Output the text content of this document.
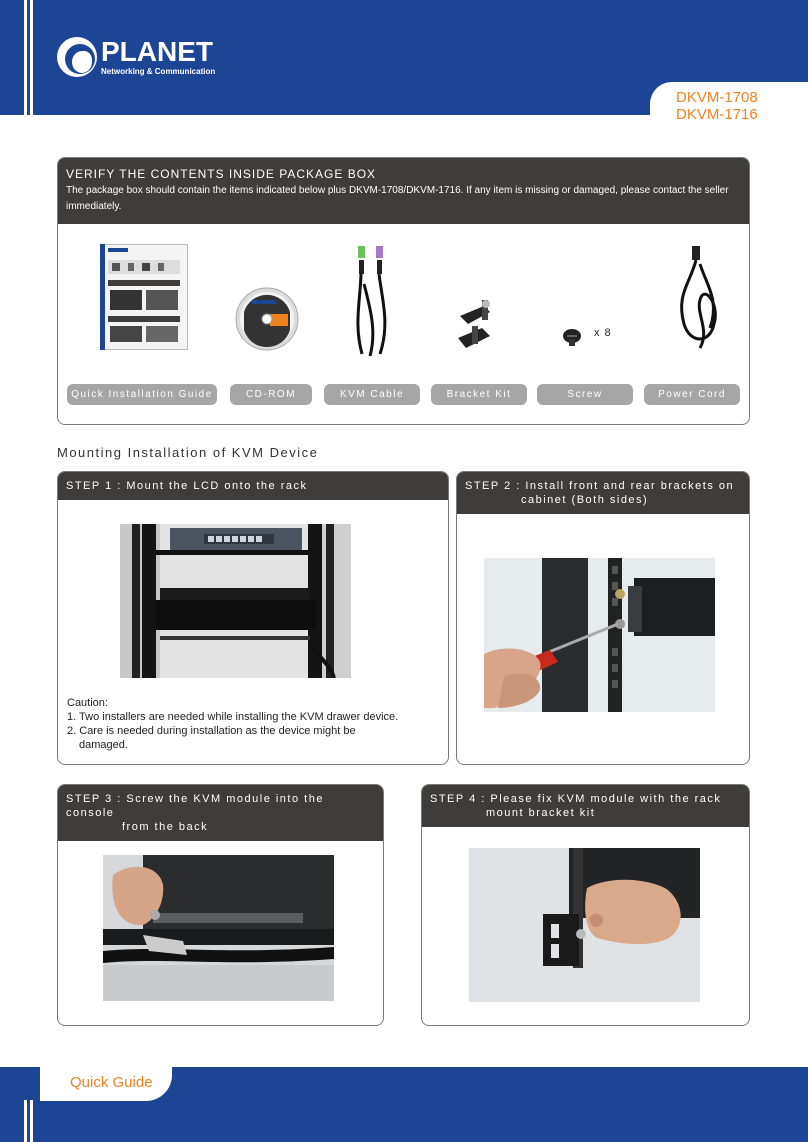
PLANET
Networking & Communication
DKVM-1708
DKVM-1716
VERIFY THE CONTENTS INSIDE PACKAGE BOX
The package box should contain the items indicated below plus DKVM-1708/DKVM-1716. If any item is missing or damaged, please contact the seller immediately.
x 8
Quick Installation Guide	CD-ROM	KVM Cable	Bracket Kit	Screw	Power Cord
Mounting Installation of KVM Device
STEP 1 : Mount the LCD onto the rack
Caution:
1. Two installers are needed while installing the KVM drawer device.
2. Care is needed during installation as the device might be
damaged.
STEP 2 : Install front and rear brackets on
cabinet (Both sides)
STEP 3 : Screw the KVM module into the console
from the back
STEP 4 : Please fix KVM module with the rack
mount bracket kit
Quick Guide
